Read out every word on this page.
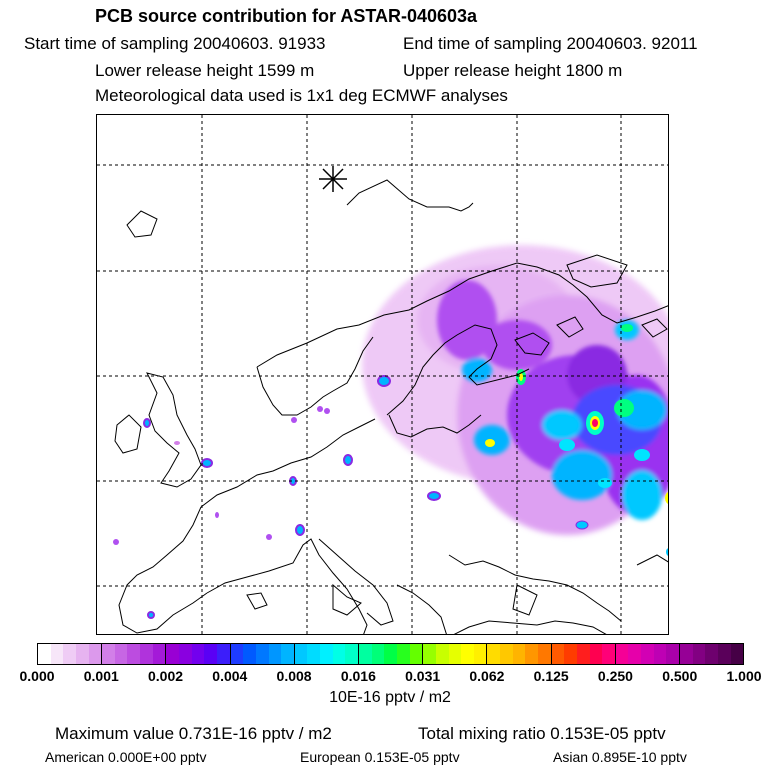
PCB source contribution for ASTAR-040603a
Start time of sampling 20040603. 91933	End time of sampling 20040603. 92011
Lower release height 1599 m	Upper release height 1800 m
Meteorological data used is 1x1 deg ECMWF analyses
0.000 0.001 0.002 0.004 0.008 0.016 0.031 0.062 0.125 0.250 0.500 1.000
10E-16 pptv / m2
Maximum value 0.731E-16 pptv / m2	Total mixing ratio 0.153E-05 pptv
American 0.000E+00 pptv	European 0.153E-05 pptv	Asian 0.895E-10 pptv
